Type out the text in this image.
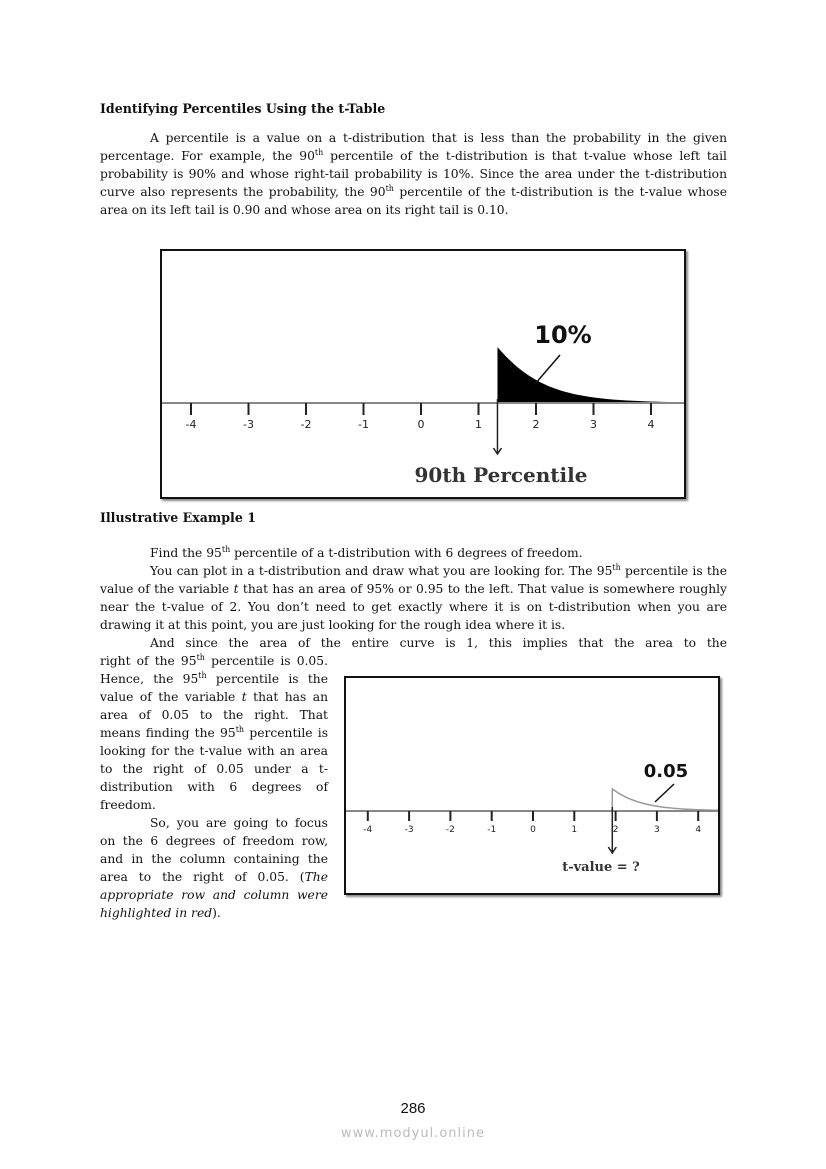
Identifying Percentiles Using the t-Table

A percentile is a value on a t-distribution that is less than the probability in the given percentage. For example, the 90th percentile of the t-distribution is that t-value whose left tail probability is 90% and whose right-tail probability is 10%. Since the area under the t-distribution curve also represents the probability, the 90th percentile of the t-distribution is the t-value whose area on its left tail is 0.90 and whose area on its right tail is 0.10.

-4	-3	-2	-1	0	1	2	3	4
90%
10%
90th Percentile
Illustrative Example 1

Find the 95th percentile of a t-distribution with 6 degrees of freedom.

You can plot in a t-distribution and draw what you are looking for. The 95th percentile is the value of the variable t that has an area of 95% or 0.95 to the left. That value is somewhere roughly near the t-value of 2. You don’t need to get exactly where it is on t-distribution when you are drawing it at this point, you are just looking for the rough idea where it is.

And since the area of the entire curve is 1, this implies that the area to the

right of the 95th percentile is 0.05. Hence, the 95th percentile is the value of the variable t that has an area of 0.05 to the right. That means finding the 95th percentile is looking for the t-value with an area to the right of 0.05 under a t-distribution with 6 degrees of freedom.

So, you are going to focus on the 6 degrees of freedom row, and in the column containing the area to the right of 0.05. (The appropriate row and column were highlighted in red).

-4	-3	-2	-1	0	1	2	3	4
0.95	0.05
t-value = ?
286
www.modyul.online
